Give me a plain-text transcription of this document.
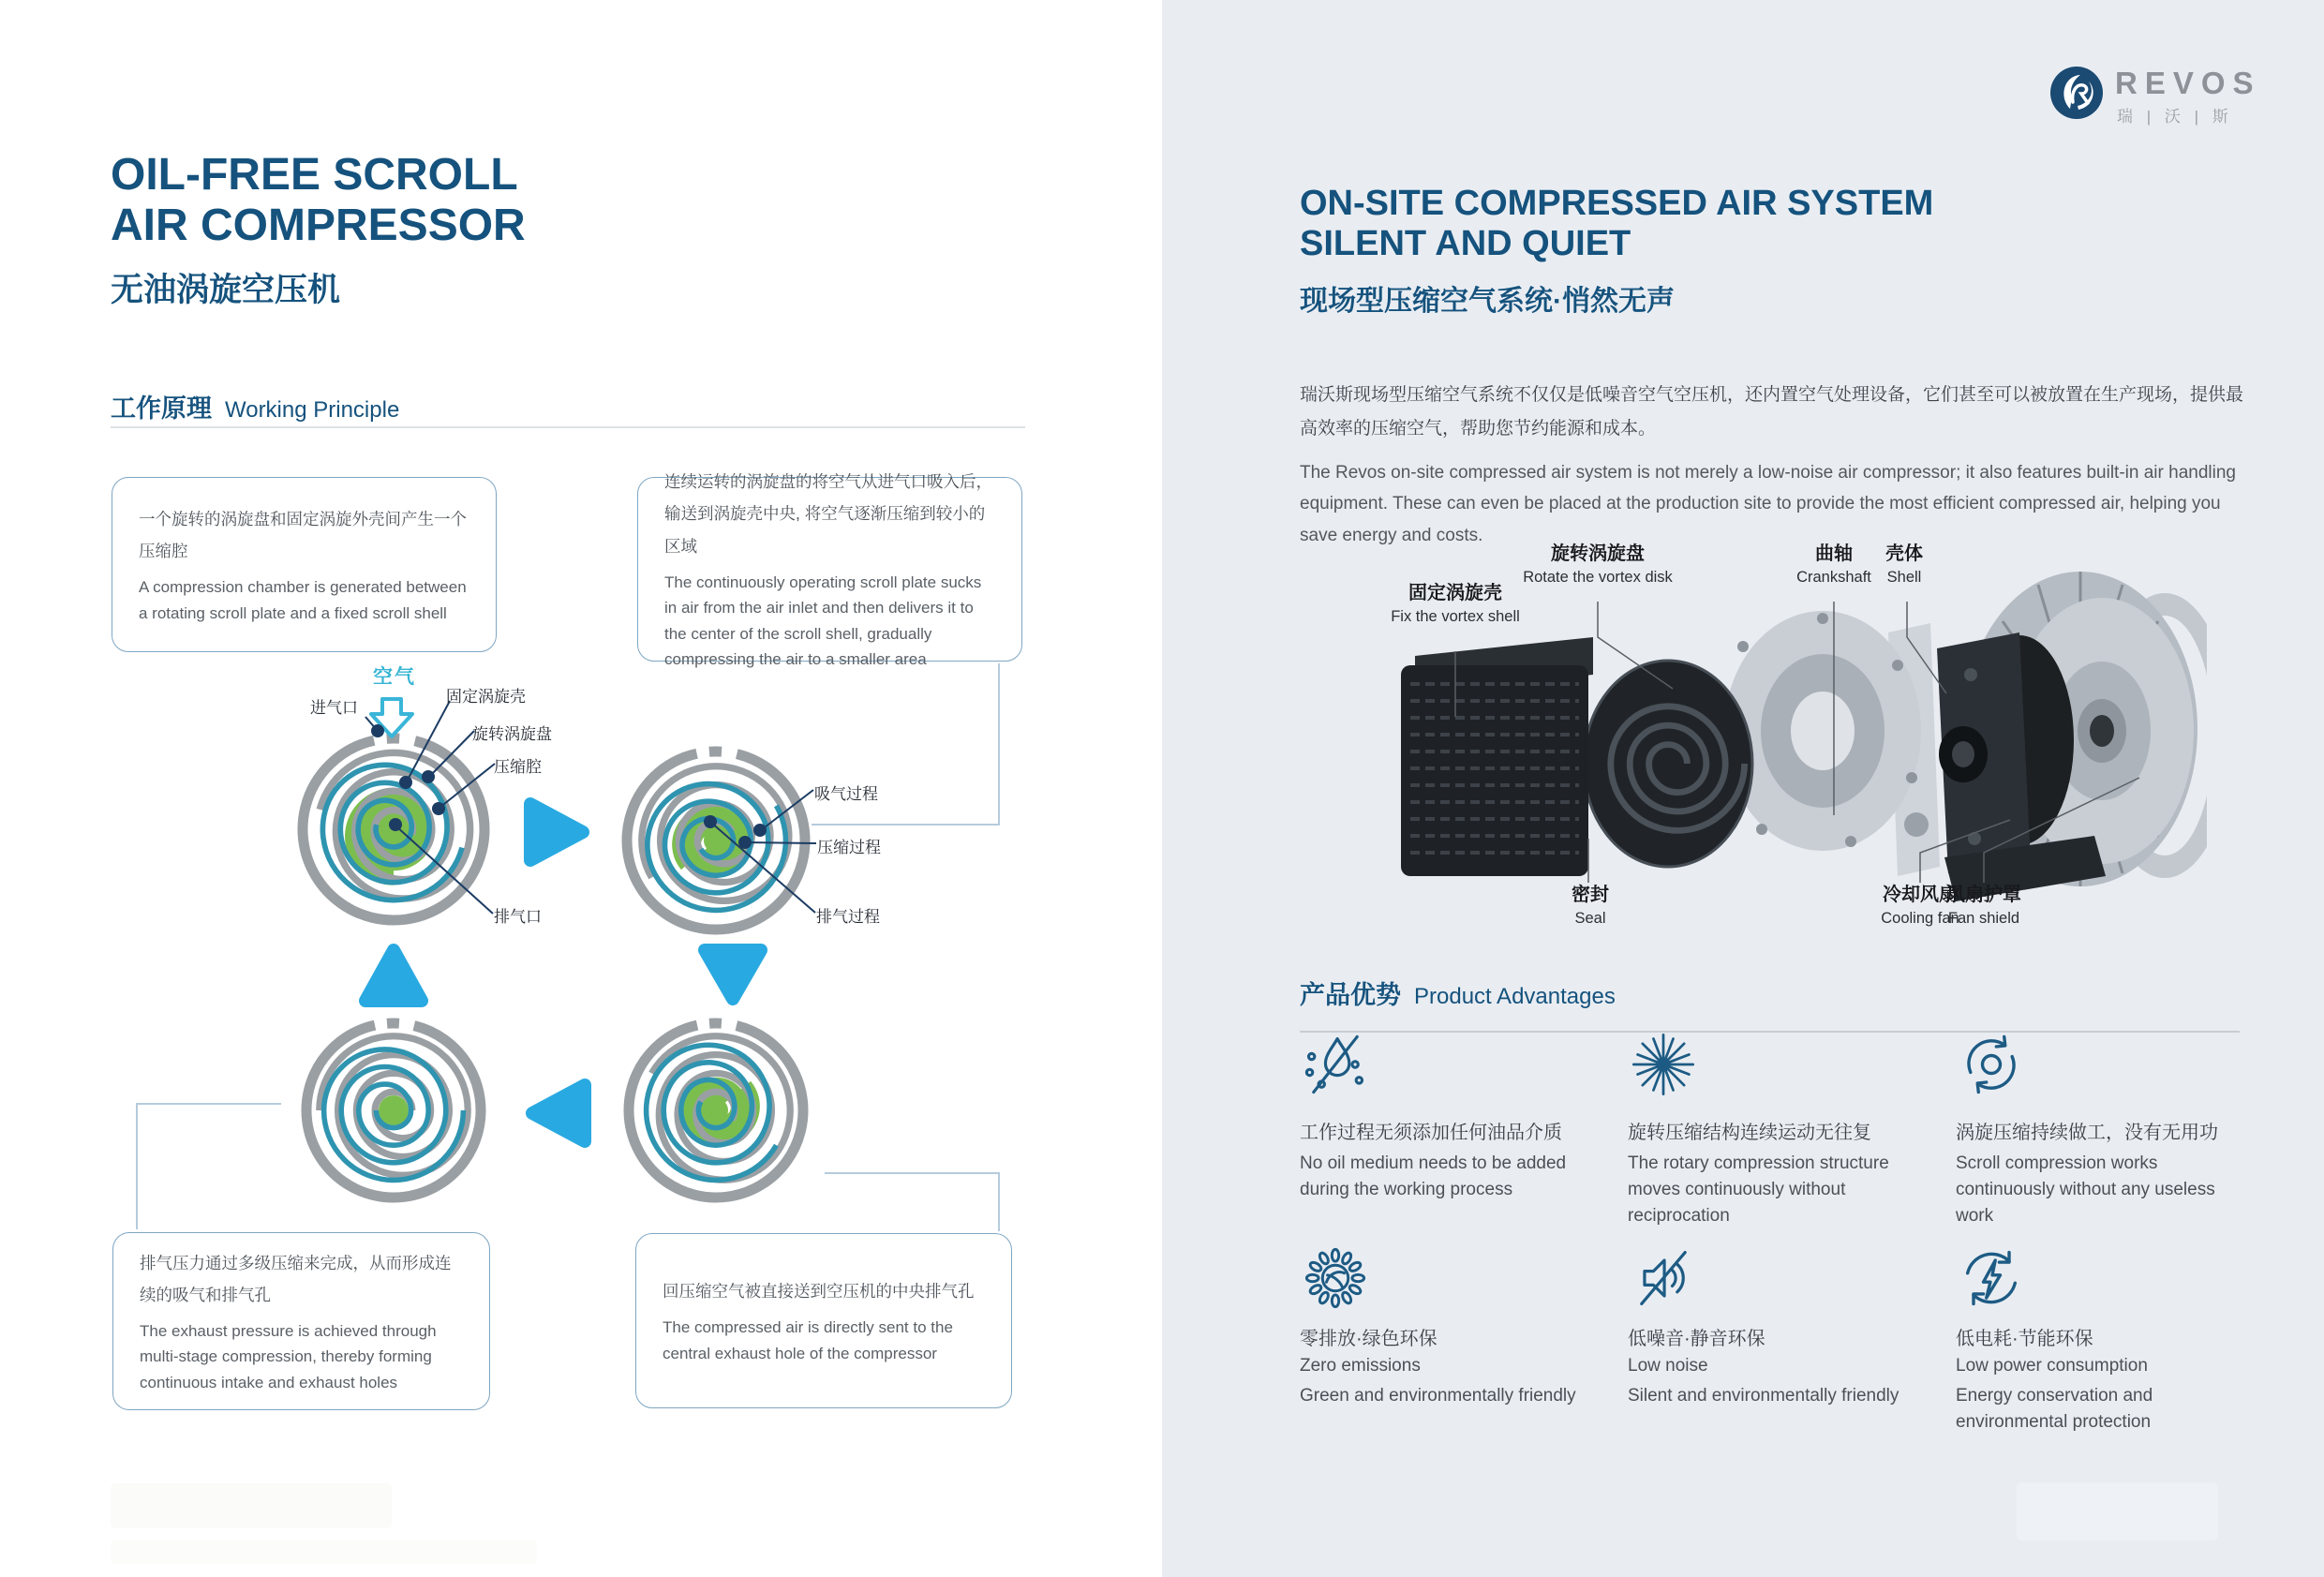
OIL-FREE SCROLL
AIR COMPRESSOR
无油涡旋空压机
工作原理 Working Principle
一个旋转的涡旋盘和固定涡旋外壳间产生一个压缩腔
A compression chamber is generated between a rotating scroll plate and a fixed scroll shell
连续运转的涡旋盘的将空气从进气口吸入后，输送到涡旋壳中央, 将空气逐渐压缩到较小的区域
The continuously operating scroll plate sucks in air from the air inlet and then delivers it to the center of the scroll shell, gradually compressing the air to a smaller area
排气压力通过多级压缩来完成，从而形成连续的吸气和排气孔
The exhaust pressure is achieved through multi-stage compression, thereby forming continuous intake and exhaust holes
回压缩空气被直接送到空压机的中央排气孔
The compressed air is directly sent to the central exhaust hole of the compressor
空气
进气口
固定涡旋壳
旋转涡旋盘
压缩腔
排气口
吸气过程
压缩过程
排气过程
REVOS
瑞 | 沃 | 斯
ON-SITE COMPRESSED AIR SYSTEM
SILENT AND QUIET
现场型压缩空气系统·悄然无声
瑞沃斯现场型压缩空气系统不仅仅是低噪音空气空压机，还内置空气处理设备，它们甚至可以被放置在生产现场，提供最高效率的压缩空气，帮助您节约能源和成本。
The Revos on-site compressed air system is not merely a low-noise air compressor; it also features built-in air handling equipment. These can even be placed at the production site to provide the most efficient compressed air, helping you save energy and costs.
固定涡旋壳
Fix the vortex shell
旋转涡旋盘
Rotate the vortex disk
曲轴
Crankshaft
壳体
Shell
密封
Seal
冷却风扇
Cooling fan
风扇护罩
Fan shield
产品优势 Product Advantages
工作过程无须添加任何油品介质
No oil medium needs to be added during the working process
旋转压缩结构连续运动无往复
The rotary compression structure moves continuously without reciprocation
涡旋压缩持续做工，没有无用功
Scroll compression works continuously without any useless work
零排放·绿色环保
Zero emissions
Green and environmentally friendly
低噪音·静音环保
Low noise
Silent and environmentally friendly
低电耗·节能环保
Low power consumption
Energy conservation and environmental protection
